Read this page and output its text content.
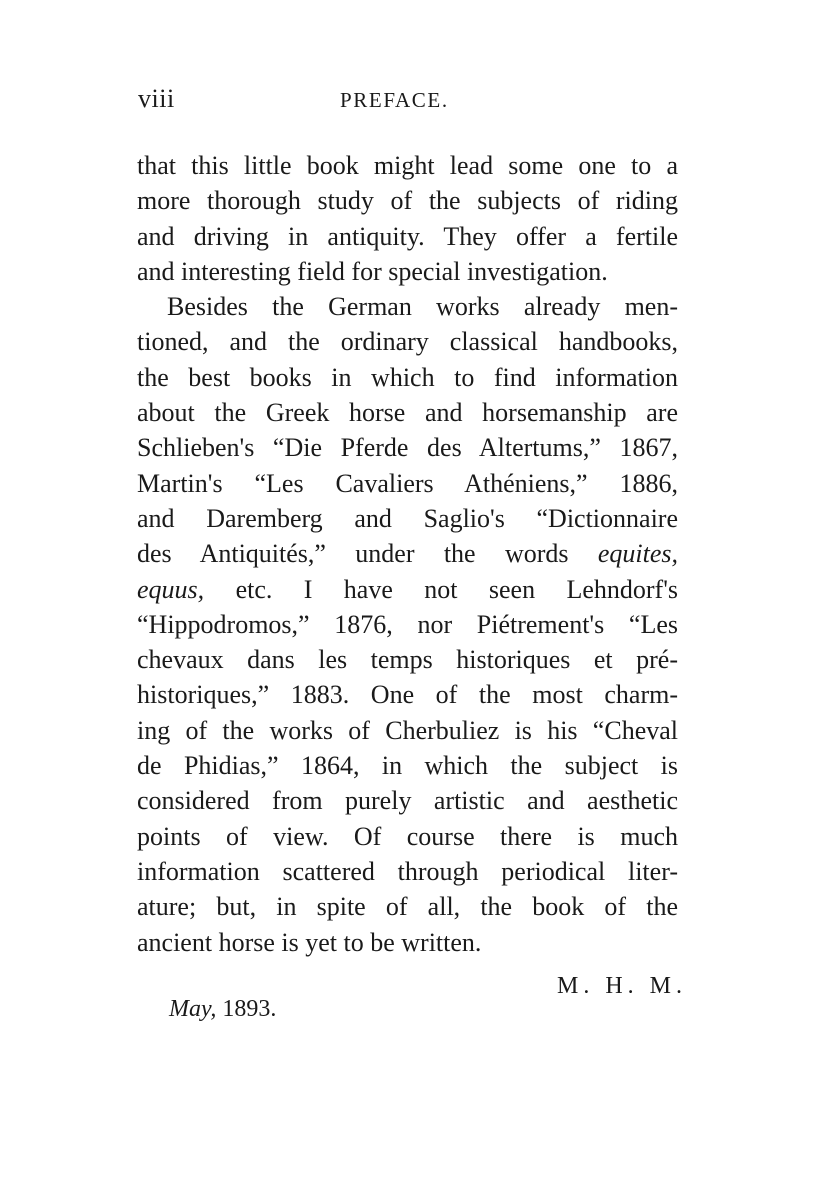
viii	PREFACE.
that this little book might lead some one to a
more thorough study of the subjects of riding
and driving in antiquity. They offer a fertile
and interesting field for special investigation.
Besides the German works already men-
tioned, and the ordinary classical handbooks,
the best books in which to find information
about the Greek horse and horsemanship are
Schlieben's “Die Pferde des Altertums,” 1867,
Martin's “Les Cavaliers Athéniens,” 1886,
and Daremberg and Saglio's “Dictionnaire
des Antiquités,” under the words equites,
equus, etc. I have not seen Lehndorf's
“Hippodromos,” 1876, nor Piétrement's “Les
chevaux dans les temps historiques et pré-
historiques,” 1883. One of the most charm-
ing of the works of Cherbuliez is his “Cheval
de Phidias,” 1864, in which the subject is
considered from purely artistic and aesthetic
points of view. Of course there is much
information scattered through periodical liter-
ature; but, in spite of all, the book of the
ancient horse is yet to be written.
M. H. M.
May, 1893.
